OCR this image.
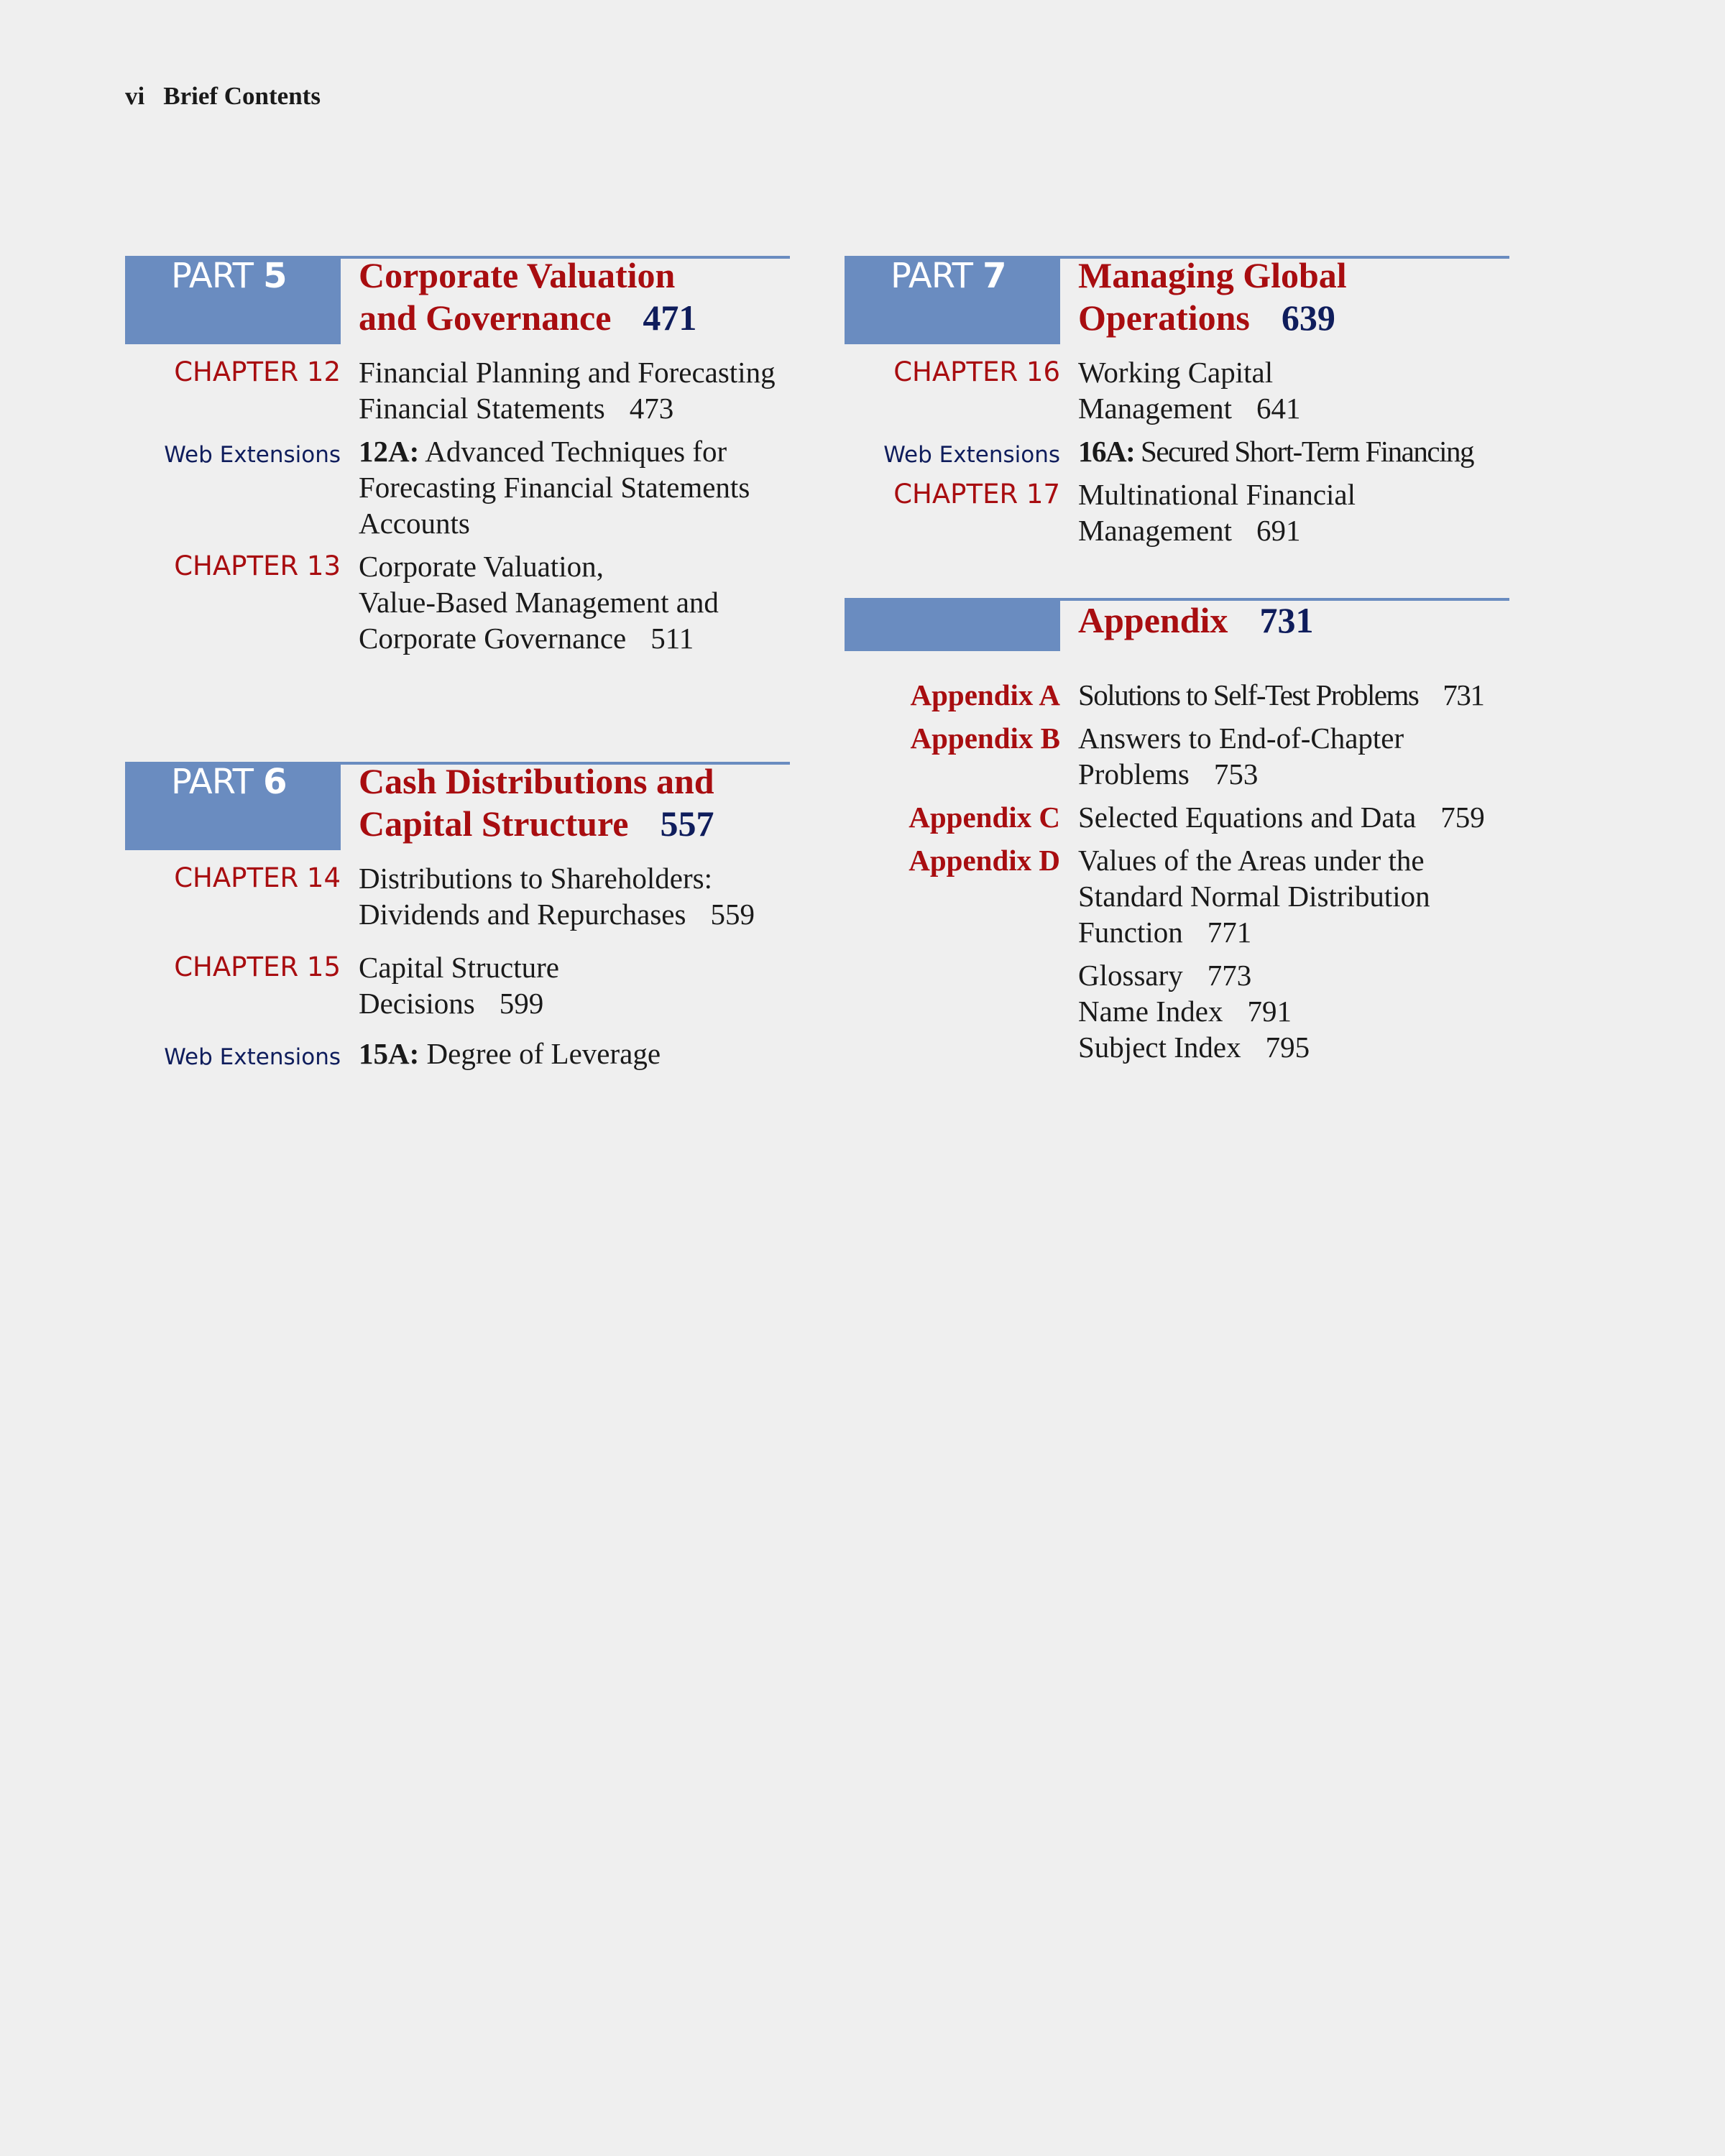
vi Brief Contents
PART 5 Corporate Valuation
and Governance 471
CHAPTER 12 Financial Planning and Forecasting
Financial Statements 473
Web Extensions 12A: Advanced Techniques for
Forecasting Financial Statements
Accounts
CHAPTER 13 Corporate Valuation,
Value-Based Management and
Corporate Governance 511
PART 6 Cash Distributions and
Capital Structure 557
CHAPTER 14 Distributions to Shareholders:
Dividends and Repurchases 559
CHAPTER 15 Capital Structure
Decisions 599
Web Extensions 15A: Degree of Leverage
PART 7 Managing Global
Operations 639
CHAPTER 16 Working Capital
Management 641
Web Extensions 16A: Secured Short-Term Financing
CHAPTER 17 Multinational Financial
Management 691
Appendix 731
Appendix A Solutions to Self-Test Problems 731
Appendix B Answers to End-of-Chapter
Problems 753
Appendix C Selected Equations and Data 759
Appendix D Values of the Areas under the
Standard Normal Distribution
Function 771
Glossary 773
Name Index 791
Subject Index 795
